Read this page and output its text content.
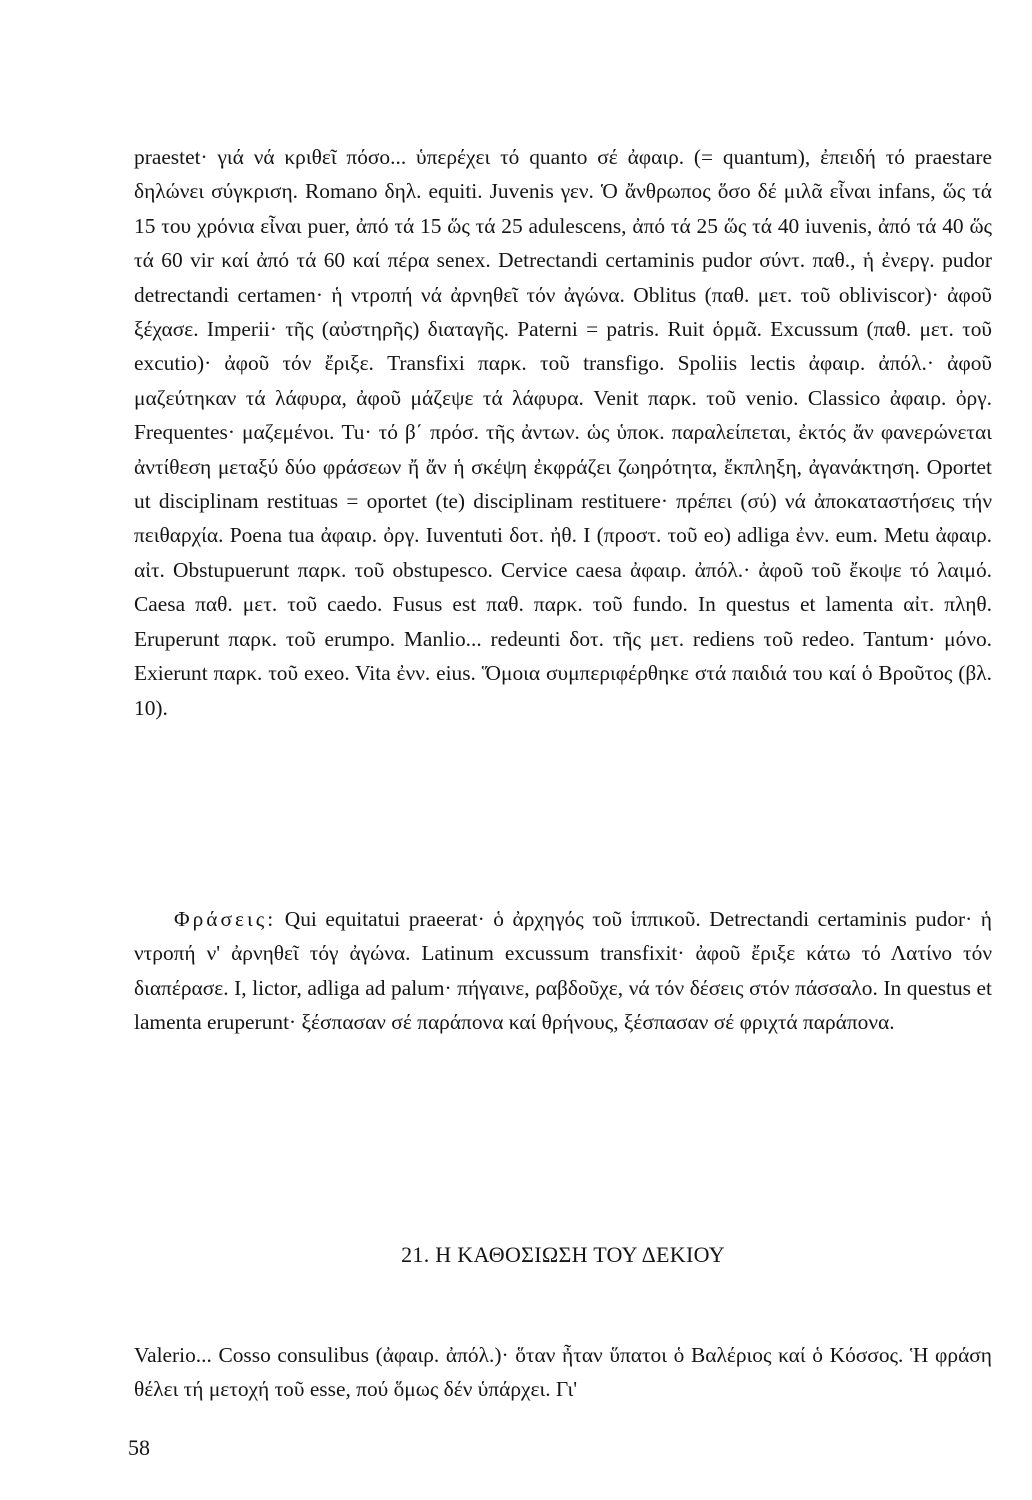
praestet· γιά νά κριθεῖ πόσο... ὑπερέχει τό quanto σέ ἀφαιρ. (= quantum), ἐπειδή τό praestare δηλώνει σύγκριση. Romano δηλ. equiti. Juvenis γεν. Ὁ ἄνθρωπος ὅσο δέ μιλᾶ εἶναι infans, ὥς τά 15 του χρόνια εἶναι puer, ἀπό τά 15 ὥς τά 25 adulescens, ἀπό τά 25 ὥς τά 40 iuvenis, ἀπό τά 40 ὥς τά 60 vir καί ἀπό τά 60 καί πέρα senex. Detrectandi certaminis pudor σύντ. παθ., ἡ ἐνεργ. pudor detrectandi certamen· ἡ ντροπή νά ἀρνηθεῖ τόν ἀγώνα. Oblitus (παθ. μετ. τοῦ obliviscor)· ἀφοῦ ξέχασε. Imperii· τῆς (αὐστηρῆς) διαταγῆς. Paterni = patris. Ruit ὁρμᾶ. Excussum (παθ. μετ. τοῦ excutio)· ἀφοῦ τόν ἔριξε. Transfixi παρκ. τοῦ transfigo. Spoliis lectis ἀφαιρ. ἀπόλ.· ἀφοῦ μαζεύτηκαν τά λάφυρα, ἀφοῦ μάζεψε τά λάφυρα. Venit παρκ. τοῦ venio. Classico ἀφαιρ. ὀργ. Frequentes· μαζεμένοι. Tu· τό β΄ πρόσ. τῆς ἀντων. ὡς ὑποκ. παραλείπεται, ἐκτός ἄν φανερώνεται ἀντίθεση μεταξύ δύο φράσεων ἤ ἄν ἡ σκέψη ἐκφράζει ζωηρότητα, ἔκπληξη, ἀγανάκτηση. Oportet ut disciplinam restituas = oportet (te) disciplinam restituere· πρέπει (σύ) νά ἀποκαταστήσεις τήν πειθαρχία. Poena tua ἀφαιρ. ὀργ. Iuventuti δοτ. ἠθ. I (προστ. τοῦ eo) adliga ἐνν. eum. Metu ἀφαιρ. αἰτ. Obstupuerunt παρκ. τοῦ obstupesco. Cervice caesa ἀφαιρ. ἀπόλ.· ἀφοῦ τοῦ ἔκοψε τό λαιμό. Caesa παθ. μετ. τοῦ caedo. Fusus est παθ. παρκ. τοῦ fundo. In questus et lamenta αἰτ. πληθ. Eruperunt παρκ. τοῦ erumpo. Manlio... redeunti δοτ. τῆς μετ. rediens τοῦ redeo. Tantum· μόνο. Exierunt παρκ. τοῦ exeo. Vita ἐνν. eius. Ὅμοια συμπεριφέρθηκε στά παιδιά του καί ὁ Βροῦτος (βλ. 10).
Φράσεις: Qui equitatui praeerat· ὁ ἀρχηγός τοῦ ἱππικοῦ. Detrectandi certaminis pudor· ἡ ντροπή ν' ἀρνηθεῖ τόγ ἀγώνα. Latinum excussum transfixit· ἀφοῦ ἔριξε κάτω τό Λατίνο τόν διαπέρασε. I, lictor, adliga ad palum· πήγαινε, ραβδοῦχε, νά τόν δέσεις στόν πάσσαλο. In questus et lamenta eruperunt· ξέσπασαν σέ παράπονα καί θρήνους, ξέσπασαν σέ φριχτά παράπονα.
21. Η ΚΑΘΟΣΙΩΣΗ ΤΟΥ ΔΕΚΙΟΥ
Valerio... Cosso consulibus (ἀφαιρ. ἀπόλ.)· ὅταν ἦταν ὕπατοι ὁ Βαλέριος καί ὁ Κόσσος. Ἡ φράση θέλει τή μετοχή τοῦ esse, πού ὅμως δέν ὑπάρχει. Γι'
58
